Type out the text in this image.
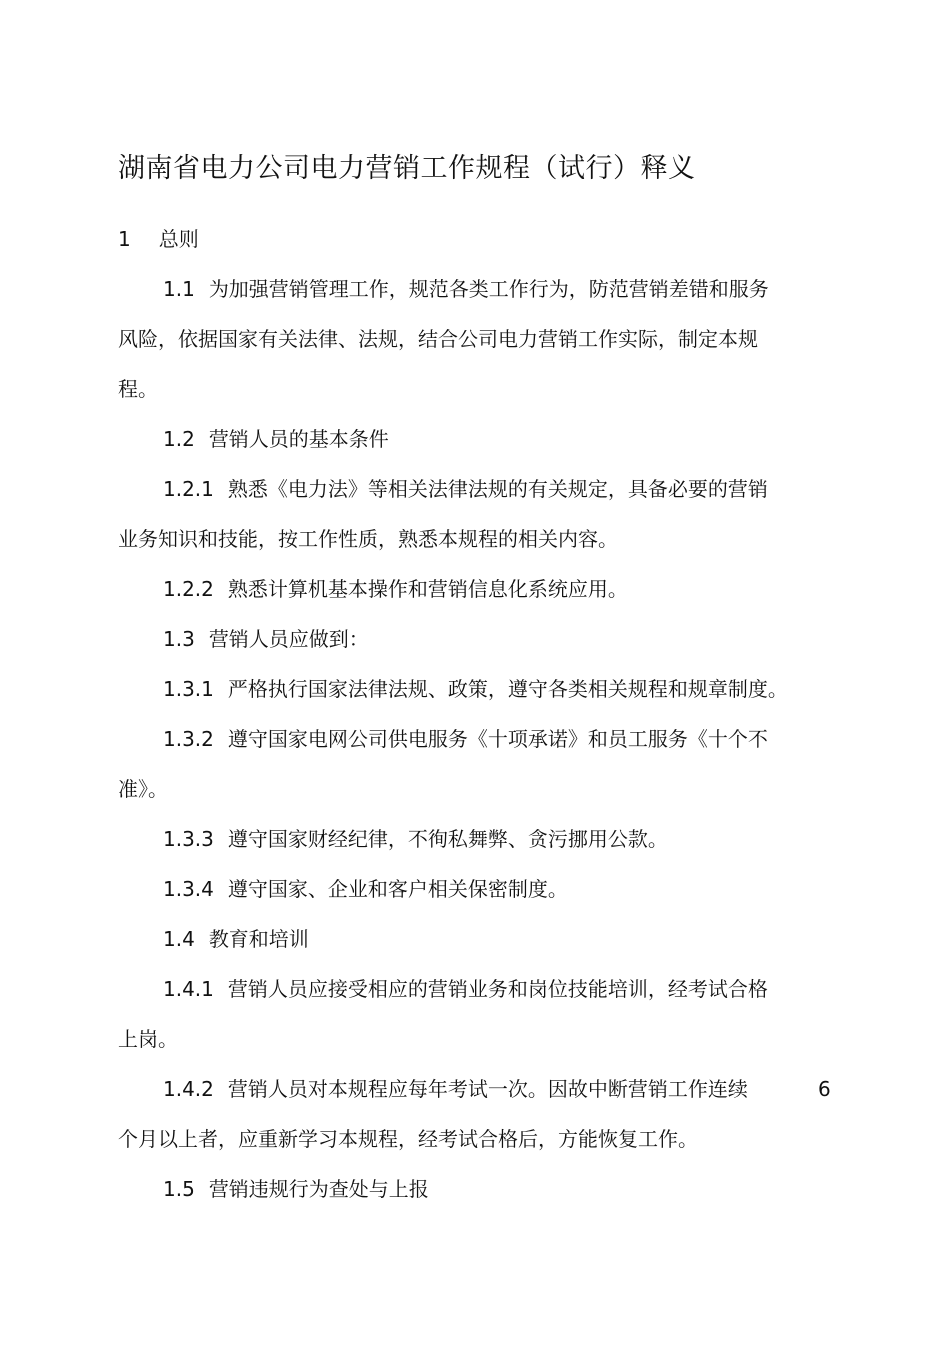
湖南省电力公司电力营销工作规程（试行）释义
1 总则
1.1 为加强营销管理工作，规范各类工作行为，防范营销差错和服务
风险，依据国家有关法律、法规，结合公司电力营销工作实际，制定本规
程。
1.2 营销人员的基本条件
1.2.1 熟悉《电力法》等相关法律法规的有关规定，具备必要的营销
业务知识和技能，按工作性质，熟悉本规程的相关内容。
1.2.2 熟悉计算机基本操作和营销信息化系统应用。
1.3 营销人员应做到：
1.3.1 严格执行国家法律法规、政策，遵守各类相关规程和规章制度。
1.3.2 遵守国家电网公司供电服务《十项承诺》和员工服务《十个不
准》。
1.3.3 遵守国家财经纪律，不徇私舞弊、贪污挪用公款。
1.3.4 遵守国家、企业和客户相关保密制度。
1.4 教育和培训
1.4.1 营销人员应接受相应的营销业务和岗位技能培训，经考试合格
上岗。
1.4.2 营销人员对本规程应每年考试一次。因故中断营销工作连续	6
个月以上者，应重新学习本规程，经考试合格后，方能恢复工作。
1.5 营销违规行为查处与上报
